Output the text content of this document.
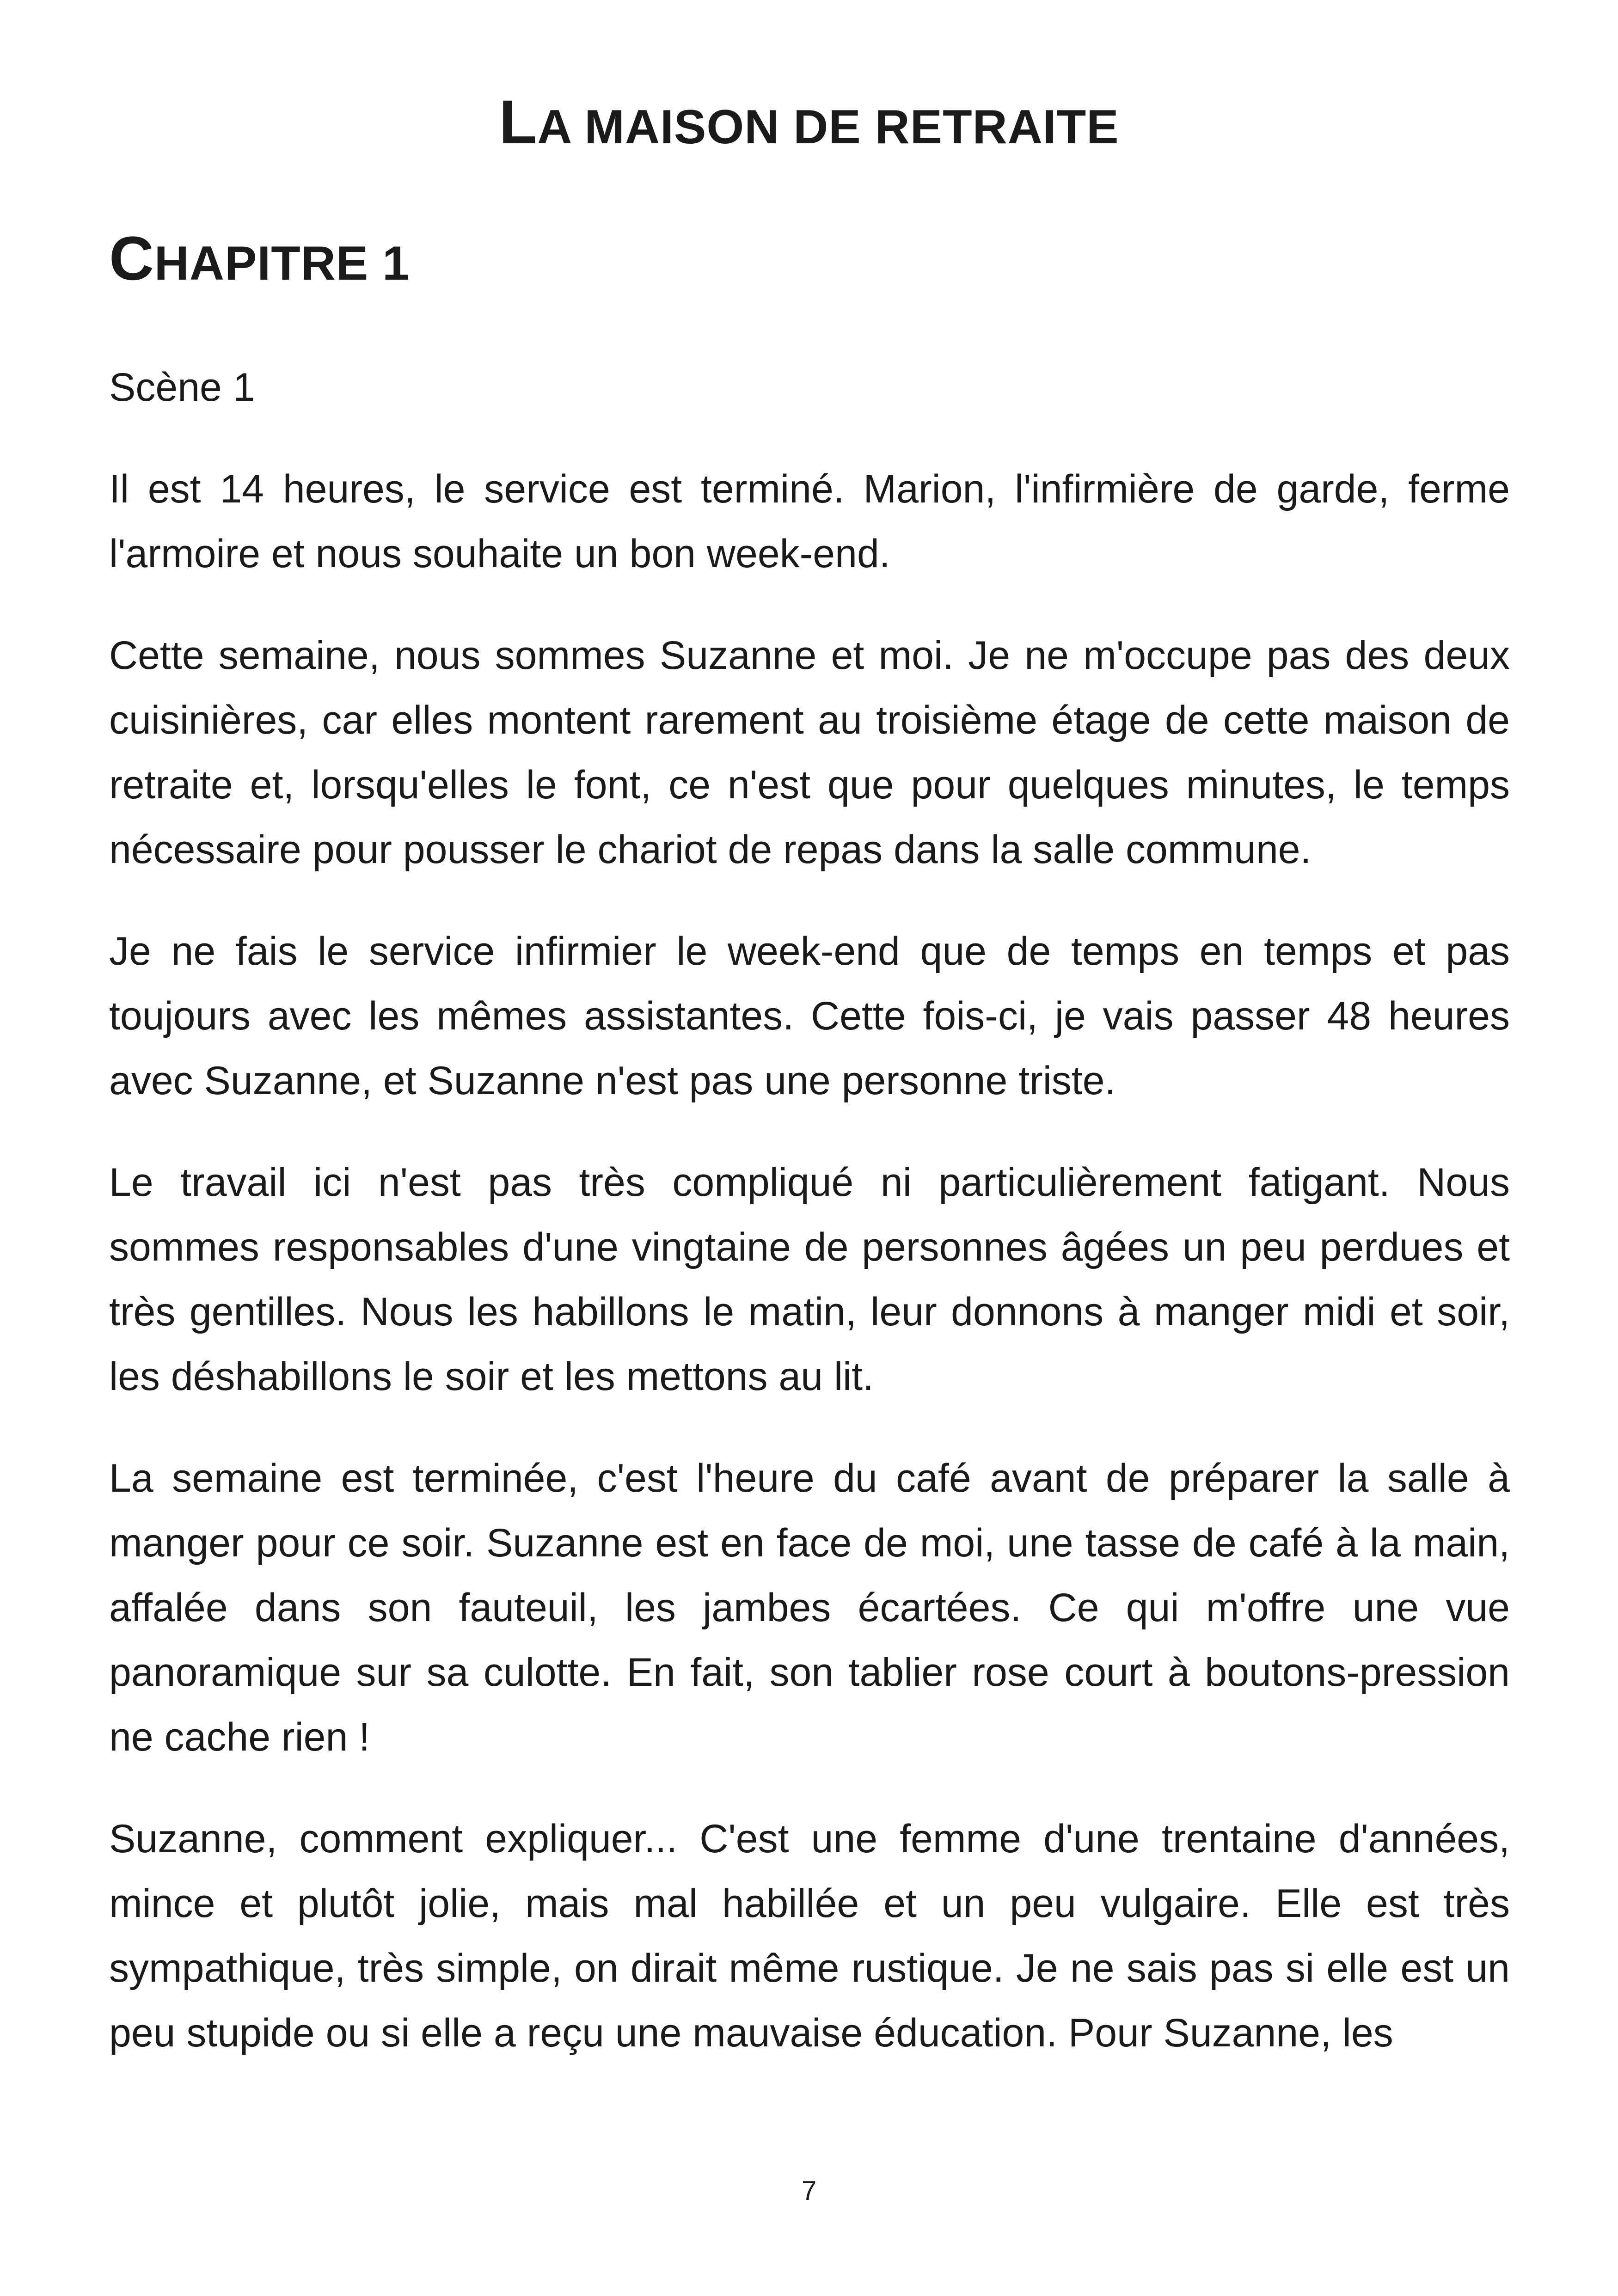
LA MAISON DE RETRAITE
CHAPITRE 1

Scène 1

Il est 14 heures, le service est terminé. Marion, l'infirmière de garde, ferme l'armoire et nous souhaite un bon week-end.

Cette semaine, nous sommes Suzanne et moi. Je ne m'occupe pas des deux cuisinières, car elles montent rarement au troisième étage de cette maison de retraite et, lorsqu'elles le font, ce n'est que pour quelques minutes, le temps nécessaire pour pousser le chariot de repas dans la salle commune.

Je ne fais le service infirmier le week-end que de temps en temps et pas toujours avec les mêmes assistantes. Cette fois-ci, je vais passer 48 heures avec Suzanne, et Suzanne n'est pas une personne triste.

Le travail ici n'est pas très compliqué ni particulièrement fatigant. Nous sommes responsables d'une vingtaine de personnes âgées un peu perdues et très gentilles. Nous les habillons le matin, leur donnons à manger midi et soir, les déshabillons le soir et les mettons au lit.

La semaine est terminée, c'est l'heure du café avant de préparer la salle à manger pour ce soir. Suzanne est en face de moi, une tasse de café à la main, affalée dans son fauteuil, les jambes écartées. Ce qui m'offre une vue panoramique sur sa culotte. En fait, son tablier rose court à boutons-pression ne cache rien !

Suzanne, comment expliquer... C'est une femme d'une trentaine d'années, mince et plutôt jolie, mais mal habillée et un peu vulgaire. Elle est très sympathique, très simple, on dirait même rustique. Je ne sais pas si elle est un peu stupide ou si elle a reçu une mauvaise éducation. Pour Suzanne, les

7
